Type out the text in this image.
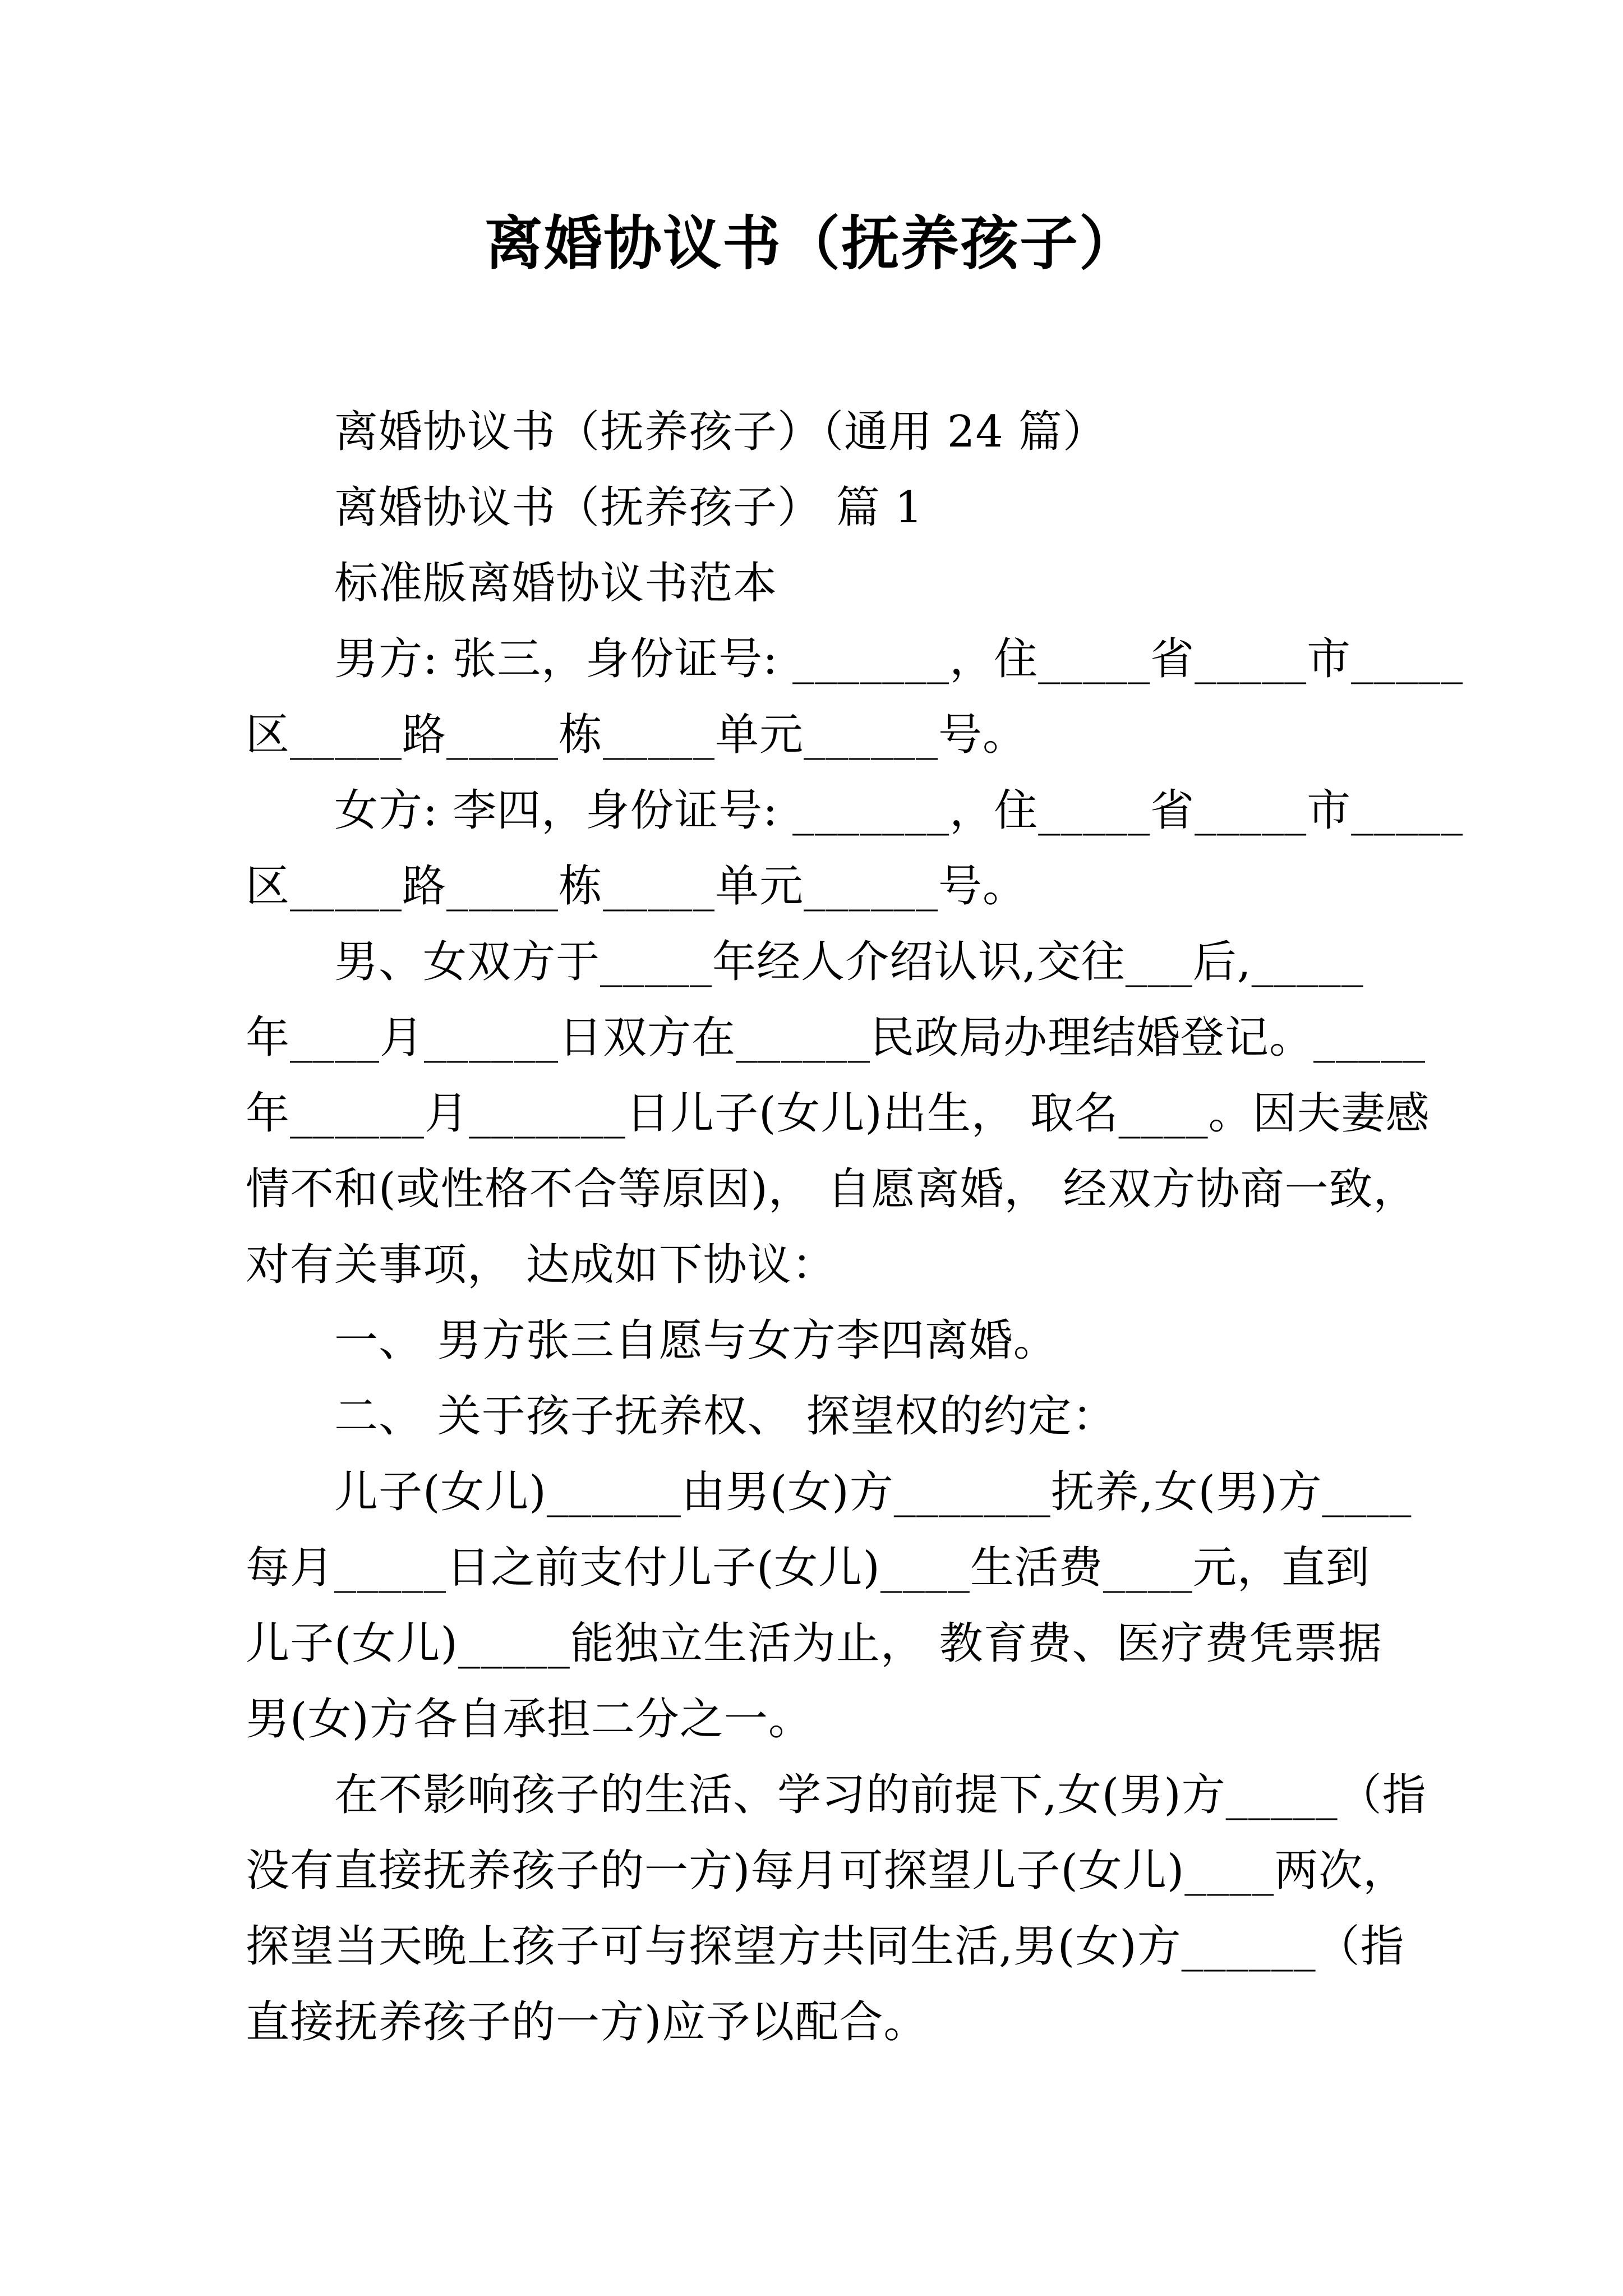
离婚协议书（抚养孩子）
　　离婚协议书（抚养孩子）（通用 24 篇）
　　离婚协议书（抚养孩子） 篇 1
　　标准版离婚协议书范本
　　男方: 张三，身份证号: _______，住_____省_____市_____
区_____路_____栋_____单元______号。
　　女方: 李四，身份证号: _______，住_____省_____市_____
区_____路_____栋_____单元______号。
　　男、女双方于_____年经人介绍认识,交往___后,_____
年____月______日双方在______民政局办理结婚登记。_____
年______月_______日儿子(女儿)出生， 取名____。因夫妻感
情不和(或性格不合等原因)， 自愿离婚， 经双方协商一致，
对有关事项， 达成如下协议：
　　一、 男方张三自愿与女方李四离婚。
　　二、 关于孩子抚养权、 探望权的约定：
　　儿子(女儿)______由男(女)方_______抚养,女(男)方____
每月_____日之前支付儿子(女儿)____生活费____元，直到
儿子(女儿)_____能独立生活为止， 教育费、医疗费凭票据
男(女)方各自承担二分之一。
　　在不影响孩子的生活、学习的前提下,女(男)方_____（指
没有直接抚养孩子的一方)每月可探望儿子(女儿)____两次，
探望当天晚上孩子可与探望方共同生活,男(女)方______（指
直接抚养孩子的一方)应予以配合。
